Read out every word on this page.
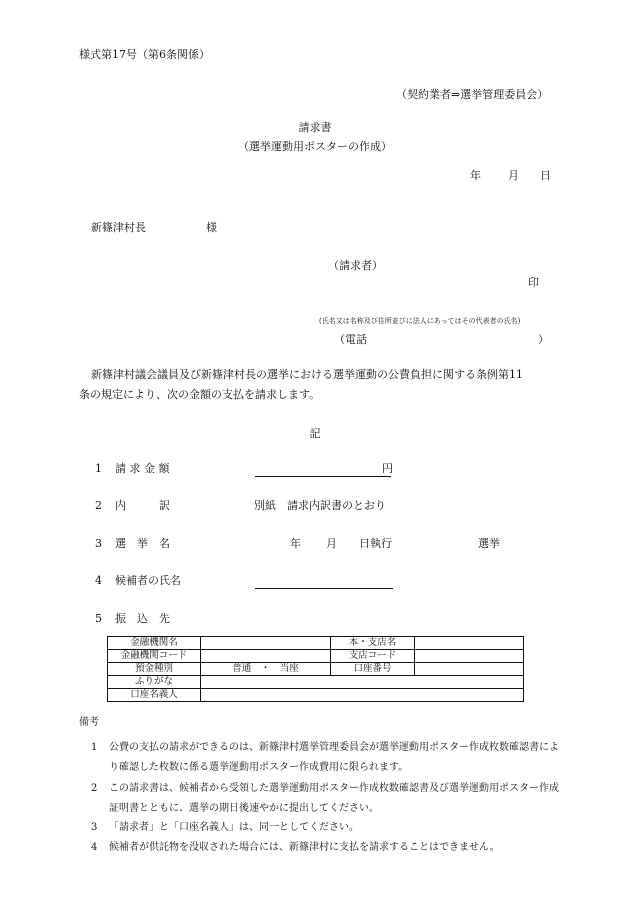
様式第17号（第6条関係）
（契約業者⇒選挙管理委員会）
請求書
（選挙運動用ポスターの作成）
年 月 日
新篠津村長	様
（請求者）
印
(氏名又は名称及び住所並びに法人にあってはその代表者の氏名)
（電話	）
新篠津村議会議員及び新篠津村長の選挙における選挙運動の公費負担に関する条例第11
条の規定により、次の金額の支払を請求します。
記
1 請 求 金 額	円
2 内　　　訳	別紙　請求内訳書のとおり
3 選　挙　名	年 月 日執行	選挙
4 候補者の氏名
5 振　込　先
金融機関名		本・支店名	
金融機関コード		支店コード	
預金種別	普通　・　当座	口座番号	
ふりがな			
口座名義人			
備考
1	公費の支払の請求ができるのは、新篠津村選挙管理委員会が選挙運動用ポスター作成枚数確認書により確認した枚数に係る選挙運動用ポスター作成費用に限られます。
2	この請求書は、候補者から受領した選挙運動用ポスター作成枚数確認書及び選挙運動用ポスター作成証明書とともに、選挙の期日後速やかに提出してください。
3	「請求者」と「口座名義人」は、同一としてください。
4	候補者が供託物を没収された場合には、新篠津村に支払を請求することはできません。
